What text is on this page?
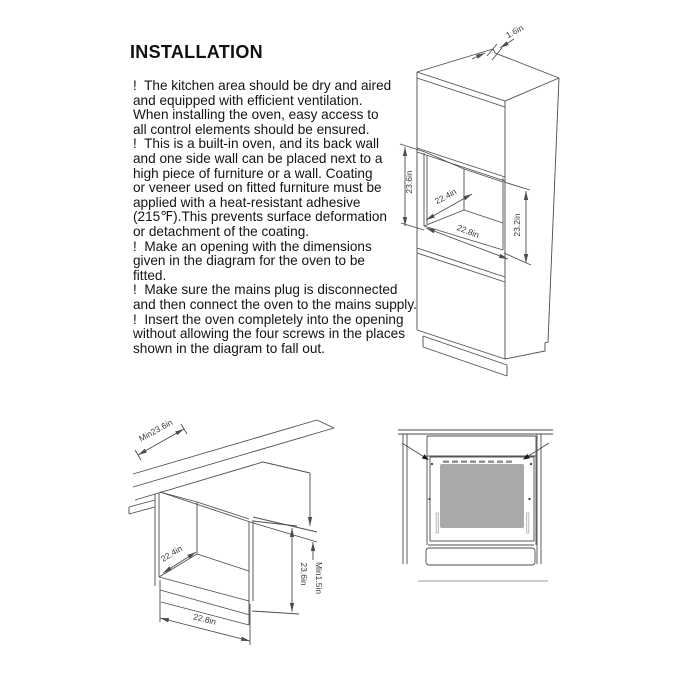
INSTALLATION
!  The kitchen area should be dry and aired
and equipped with efficient ventilation.
When installing the oven, easy access to
all control elements should be ensured.
!  This is a built-in oven, and its back wall
and one side wall can be placed next to a
high piece of furniture or a wall. Coating
or veneer used on fitted furniture must be
applied with a heat-resistant adhesive
(215℉).This prevents surface deformation
or detachment of the coating.
!  Make an opening with the dimensions
given in the diagram for the oven to be
fitted.
!  Make sure the mains plug is disconnected
and then connect the oven to the mains supply.
!  Insert the oven completely into the opening
without allowing the four screws in the places
shown in the diagram to fall out.
1.6in
23.6in
22.4in
22.8in	23.2in
Min23.6in
22.4in
22.8in
Min1.5in
23.6in
